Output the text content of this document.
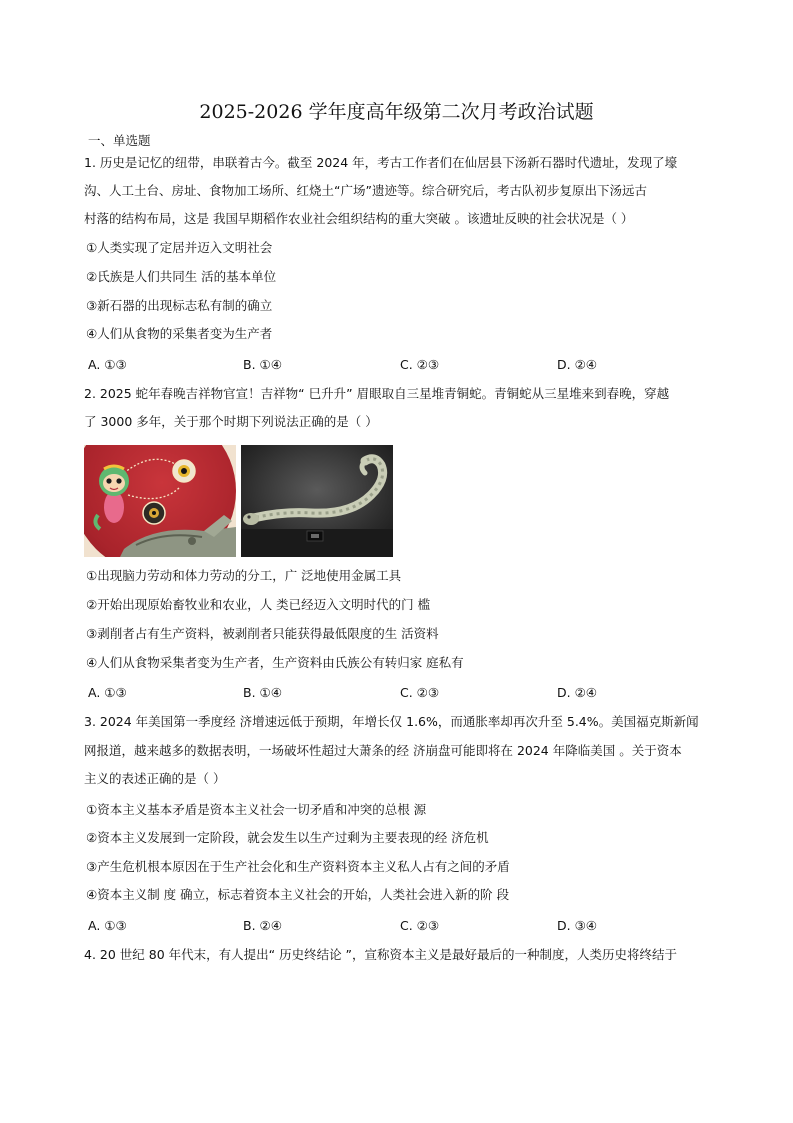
2025-2026 学年度高年级第二次月考政治试题
一、单选题
1. 历史是记忆的纽带，串联着古今。截至 2024 年，考古工作者们在仙居县下汤新石器时代遗址，发现了壕
沟、人工土台、房址、食物加工场所、红烧土“广场”遗迹等。综合研究后，考古队初步复原出下汤远古
村落的结构布局，这是 我国早期稻作农业社会组织结构的重大突破 。该遗址反映的社会状况是（ ）
①人类实现了定居并迈入文明社会
②氏族是人们共同生 活的基本单位
③新石器的出现标志私有制的确立
④人们从食物的采集者变为生产者
A. ①③	B. ①④	C. ②③	D. ②④
2. 2025 蛇年春晚吉祥物官宣！吉祥物“ 巳升升” 眉眼取自三星堆青铜蛇。青铜蛇从三星堆来到春晚，穿越
了 3000 多年，关于那个时期下列说法正确的是（ ）
①出现脑力劳动和体力劳动的分工，广 泛地使用金属工具
②开始出现原始畜牧业和农业，人 类已经迈入文明时代的门 槛
③剥削者占有生产资料，被剥削者只能获得最低限度的生 活资料
④人们从食物采集者变为生产者，生产资料由氏族公有转归家 庭私有
A. ①③	B. ①④	C. ②③	D. ②④
3. 2024 年美国第一季度经 济增速远低于预期，年增长仅 1.6%，而通胀率却再次升至 5.4%。美国福克斯新闻
网报道，越来越多的数据表明，一场破坏性超过大萧条的经 济崩盘可能即将在 2024 年降临美国 。关于资本
主义的表述正确的是（ ）
①资本主义基本矛盾是资本主义社会一切矛盾和冲突的总根 源
②资本主义发展到一定阶段，就会发生以生产过剩为主要表现的经 济危机
③产生危机根本原因在于生产社会化和生产资料资本主义私人占有之间的矛盾
④资本主义制 度 确立，标志着资本主义社会的开始，人类社会进入新的阶 段
A. ①③	B. ②④	C. ②③	D. ③④
4. 20 世纪 80 年代末，有人提出“ 历史终结论 ”，宣称资本主义是最好最后的一种制度，人类历史将终结于
